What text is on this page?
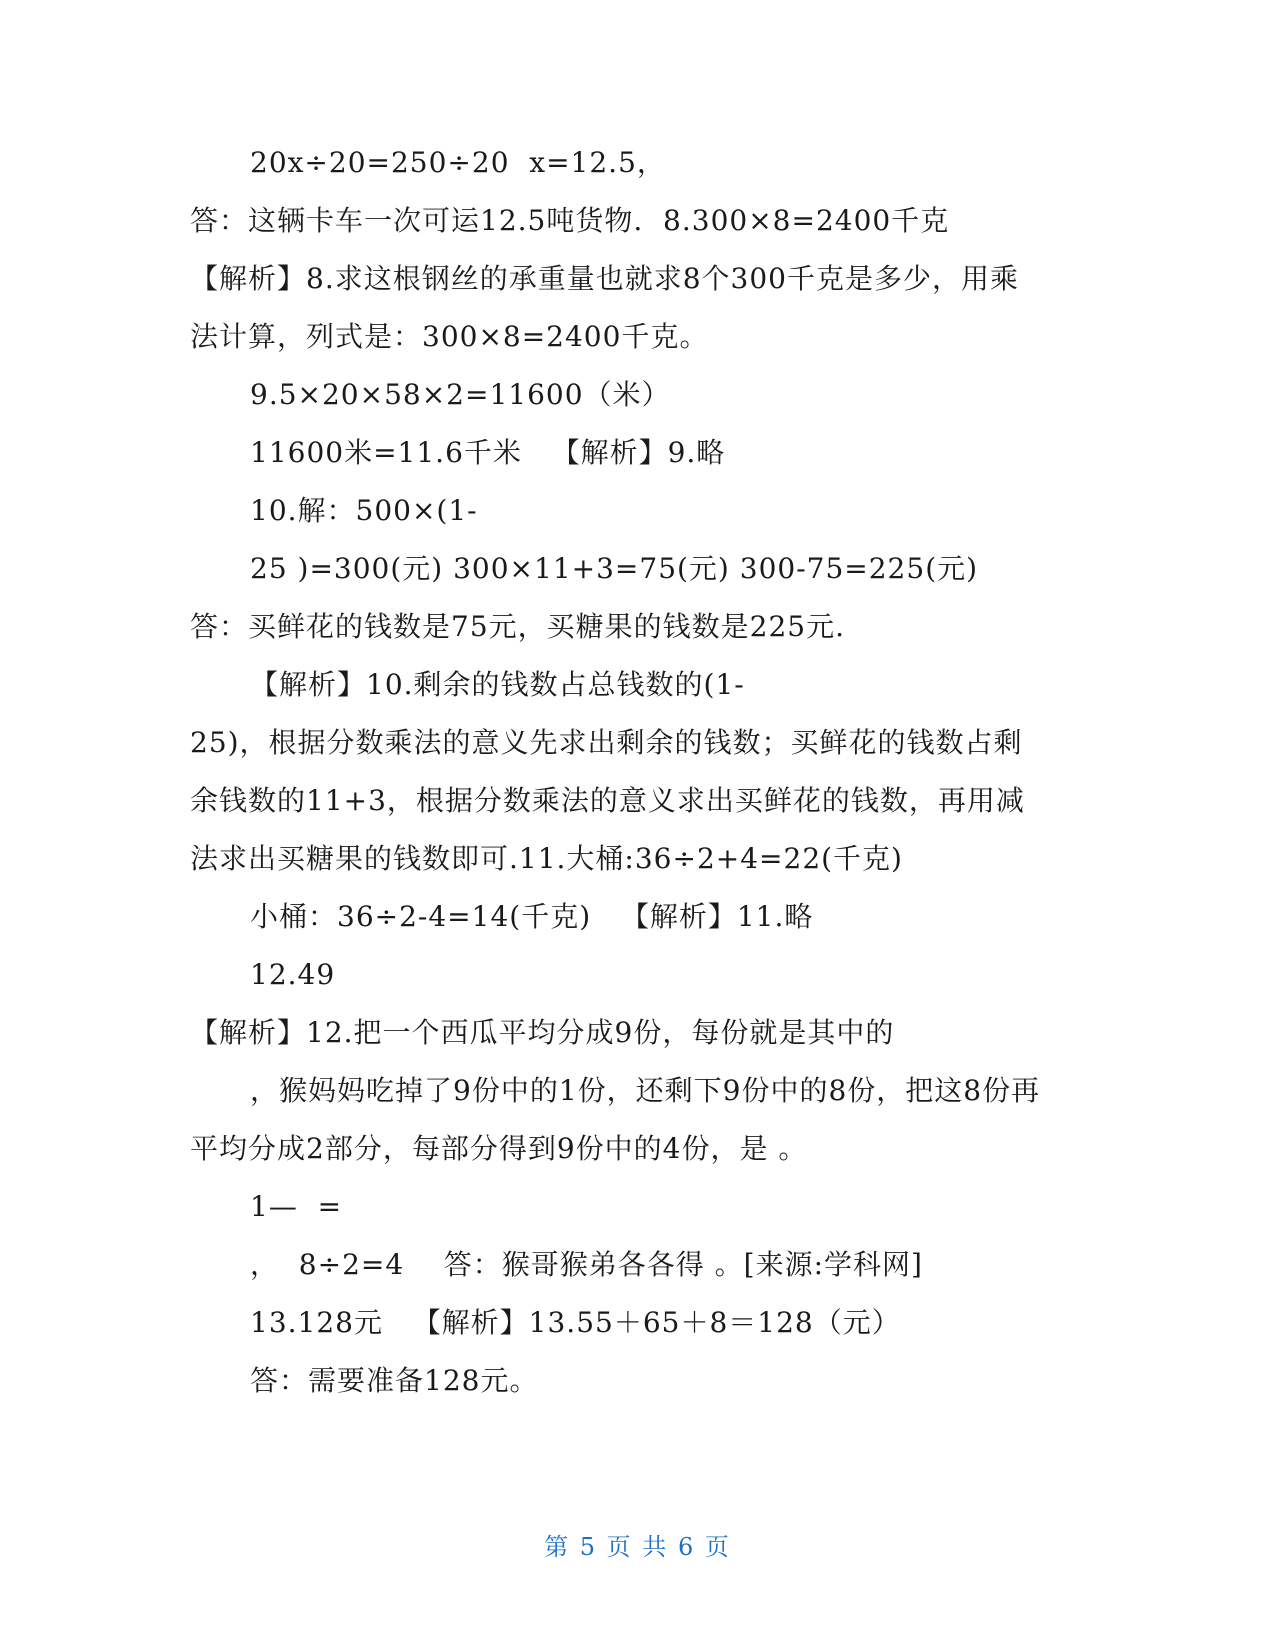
20x÷20=250÷20  x=12.5，
答：这辆卡车一次可运12.5吨货物.  8.300×8=2400千克
【解析】8.求这根钢丝的承重量也就求8个300千克是多少，用乘
法计算，列式是：300×8=2400千克。
9.5×20×58×2=11600（米）
11600米=11.6千米   【解析】9.略
10.解：500×(1-
25 )=300(元) 300×11+3=75(元) 300-75=225(元)
答：买鲜花的钱数是75元，买糖果的钱数是225元.
【解析】10.剩余的钱数占总钱数的(1-
25)，根据分数乘法的意义先求出剩余的钱数；买鲜花的钱数占剩
余钱数的11+3，根据分数乘法的意义求出买鲜花的钱数，再用减
法求出买糖果的钱数即可.11.大桶:36÷2+4=22(千克)
小桶：36÷2-4=14(千克)   【解析】11.略
12.49
【解析】12.把一个西瓜平均分成9份，每份就是其中的
，猴妈妈吃掉了9份中的1份，还剩下9份中的8份，把这8份再
平均分成2部分，每部分得到9份中的4份，是 。
1—  =
，  8÷2=4    答：猴哥猴弟各各得 。[来源:学科网]
13.128元   【解析】13.55＋65＋8＝128（元）
答：需要准备128元。
第 5 页 共 6 页
